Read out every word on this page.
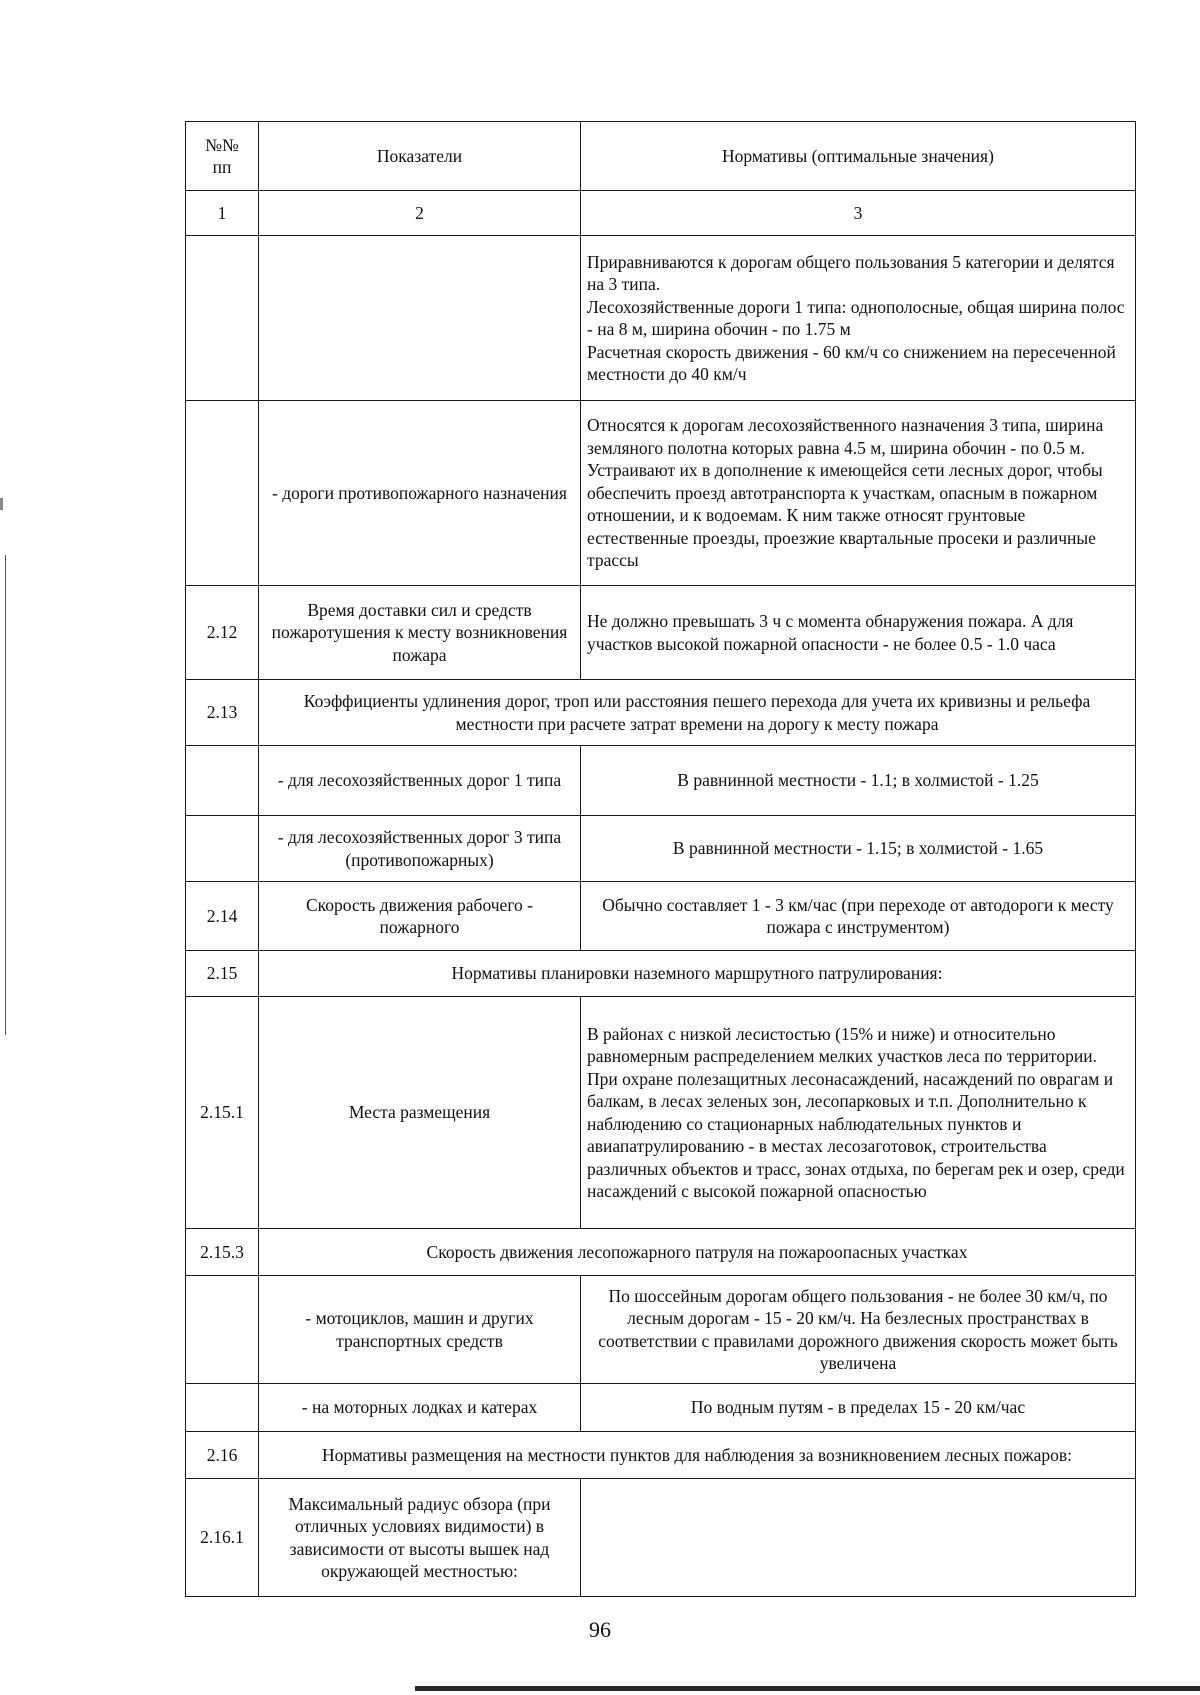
№№
пп	Показатели	Нормативы (оптимальные значения)
1	2	3
		Приравниваются к дорогам общего пользования 5 категории и делятся на 3 типа.
Лесохозяйственные дороги 1 типа: однополосные, общая ширина полос - на 8 м, ширина обочин - по 1.75 м
Расчетная скорость движения - 60 км/ч со снижением на пересеченной местности до 40 км/ч
	- дороги противопожарного назначения	Относятся к дорогам лесохозяйственного назначения 3 типа, ширина земляного полотна которых равна 4.5 м, ширина обочин - по 0.5 м. Устраивают их в дополнение к имеющейся сети лесных дорог, чтобы обеспечить проезд автотранспорта к участкам, опасным в пожарном отношении, и к водоемам. К ним также относят грунтовые естественные проезды, проезжие квартальные просеки и различные трассы
2.12	Время доставки сил и средств пожаротушения к месту возникновения пожара	Не должно превышать 3 ч с момента обнаружения пожара. А для участков высокой пожарной опасности - не более 0.5 - 1.0 часа
2.13	Коэффициенты удлинения дорог, троп или расстояния пешего перехода для учета их кривизны и рельефа местности при расчете затрат времени на дорогу к месту пожара	
	- для лесохозяйственных дорог 1 типа	В равнинной местности - 1.1; в холмистой - 1.25
	- для лесохозяйственных дорог 3 типа (противопожарных)	В равнинной местности - 1.15; в холмистой - 1.65
2.14	Скорость движения рабочего - пожарного	Обычно составляет 1 - 3 км/час (при переходе от автодороги к месту пожара с инструментом)
2.15	Нормативы планировки наземного маршрутного патрулирования:	
2.15.1	Места размещения	В районах с низкой лесистостью (15% и ниже) и относительно равномерным распределением мелких участков леса по территории. При охране полезащитных лесонасаждений, насаждений по оврагам и балкам, в лесах зеленых зон, лесопарковых и т.п. Дополнительно к наблюдению со стационарных наблюдательных пунктов и авиапатрулированию - в местах лесозаготовок, строительства различных объектов и трасс, зонах отдыха, по берегам рек и озер, среди насаждений с высокой пожарной опасностью
2.15.3	Скорость движения лесопожарного патруля на пожароопасных участках	
	- мотоциклов, машин и других транспортных средств	По шоссейным дорогам общего пользования - не более 30 км/ч, по лесным дорогам - 15 - 20 км/ч. На безлесных пространствах в соответствии с правилами дорожного движения скорость может быть увеличена
	- на моторных лодках и катерах	По водным путям - в пределах 15 - 20 км/час
2.16	Нормативы размещения на местности пунктов для наблюдения за возникновением лесных пожаров:	
2.16.1	Максимальный радиус обзора (при отличных условиях видимости) в зависимости от высоты вышек над окружающей местностью:	
96
